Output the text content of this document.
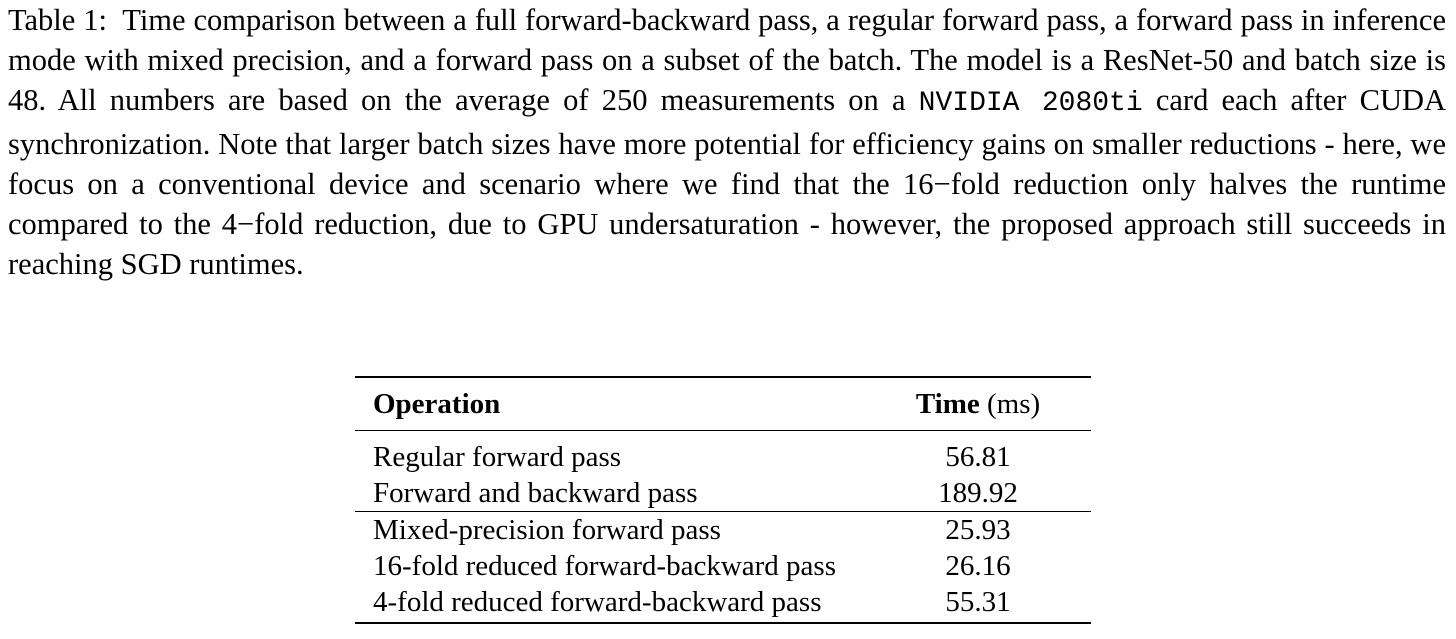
Table 1: Time comparison between a full forward-backward pass, a regular forward pass, a forward pass in inference mode with mixed precision, and a forward pass on a subset of the batch. The model is a ResNet-50 and batch size is 48. All numbers are based on the average of 250 measurements on a NVIDIA 2080ti card each after CUDA synchronization. Note that larger batch sizes have more potential for efficiency gains on smaller reductions - here, we focus on a conventional device and scenario where we find that the 16−fold reduction only halves the runtime compared to the 4−fold reduction, due to GPU undersaturation - however, the proposed approach still succeeds in reaching SGD runtimes.

Operation	Time (ms)
Regular forward pass	56.81
Forward and backward pass	189.92
Mixed-precision forward pass	25.93
16-fold reduced forward-backward pass	26.16
4-fold reduced forward-backward pass	55.31
